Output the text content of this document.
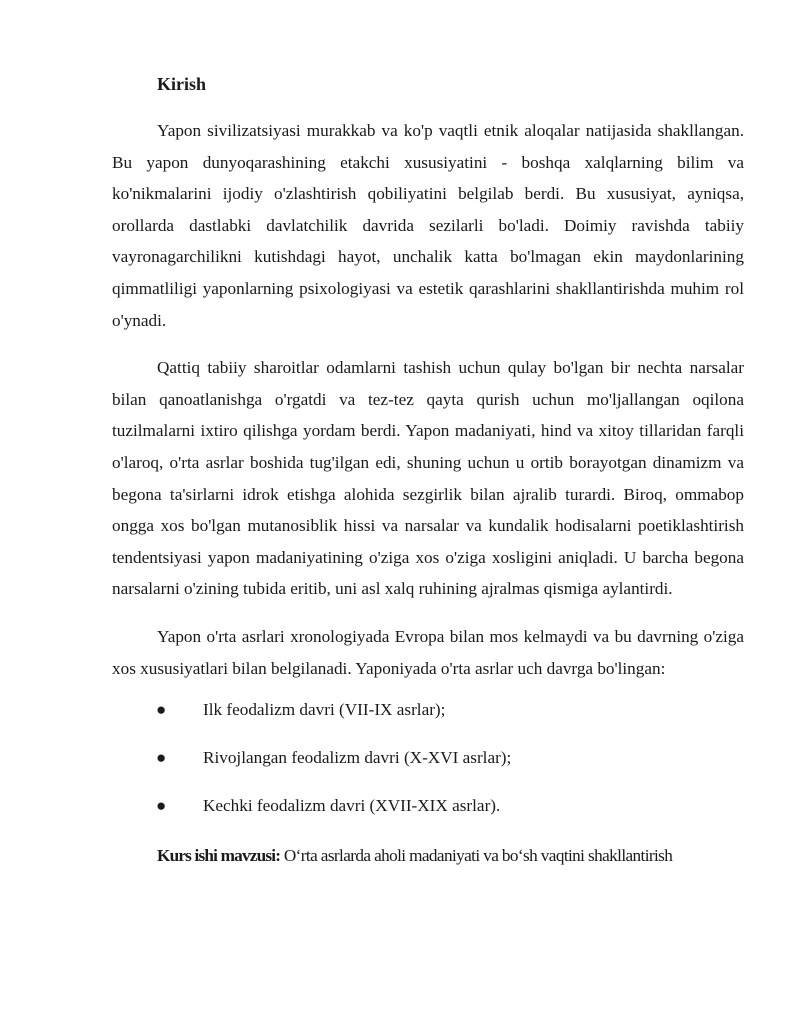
Kirish

Yapon sivilizatsiyasi murakkab va ko'p vaqtli etnik aloqalar natijasida shakllangan. Bu yapon dunyoqarashining etakchi xususiyatini - boshqa xalqlarning bilim va ko'nikmalarini ijodiy o'zlashtirish qobiliyatini belgilab berdi. Bu xususiyat, ayniqsa, orollarda dastlabki davlatchilik davrida sezilarli bo'ladi. Doimiy ravishda tabiiy vayronagarchilikni kutishdagi hayot, unchalik katta bo'lmagan ekin maydonlarining qimmatliligi yaponlarning psixologiyasi va estetik qarashlarini shakllantirishda muhim rol o'ynadi.

Qattiq tabiiy sharoitlar odamlarni tashish uchun qulay bo'lgan bir nechta narsalar bilan qanoatlanishga o'rgatdi va tez-tez qayta qurish uchun mo'ljallangan oqilona tuzilmalarni ixtiro qilishga yordam berdi. Yapon madaniyati, hind va xitoy tillaridan farqli o'laroq, o'rta asrlar boshida tug'ilgan edi, shuning uchun u ortib borayotgan dinamizm va begona ta'sirlarni idrok etishga alohida sezgirlik bilan ajralib turardi. Biroq, ommabop ongga xos bo'lgan mutanosiblik hissi va narsalar va kundalik hodisalarni poetiklashtirish tendentsiyasi yapon madaniyatining o'ziga xos o'ziga xosligini aniqladi. U barcha begona narsalarni o'zining tubida eritib, uni asl xalq ruhining ajralmas qismiga aylantirdi.

Yapon o'rta asrlari xronologiyada Evropa bilan mos kelmaydi va bu davrning o'ziga xos xususiyatlari bilan belgilanadi. Yaponiyada o'rta asrlar uch davrga bo'lingan:

● Ilk feodalizm davri (VII-IX asrlar);
● Rivojlangan feodalizm davri (X-XVI asrlar);
● Kechki feodalizm davri (XVII-XIX asrlar).
Kurs ishi mavzusi: O‘rta asrlarda aholi madaniyati va bo‘sh vaqtini shakllantirish
